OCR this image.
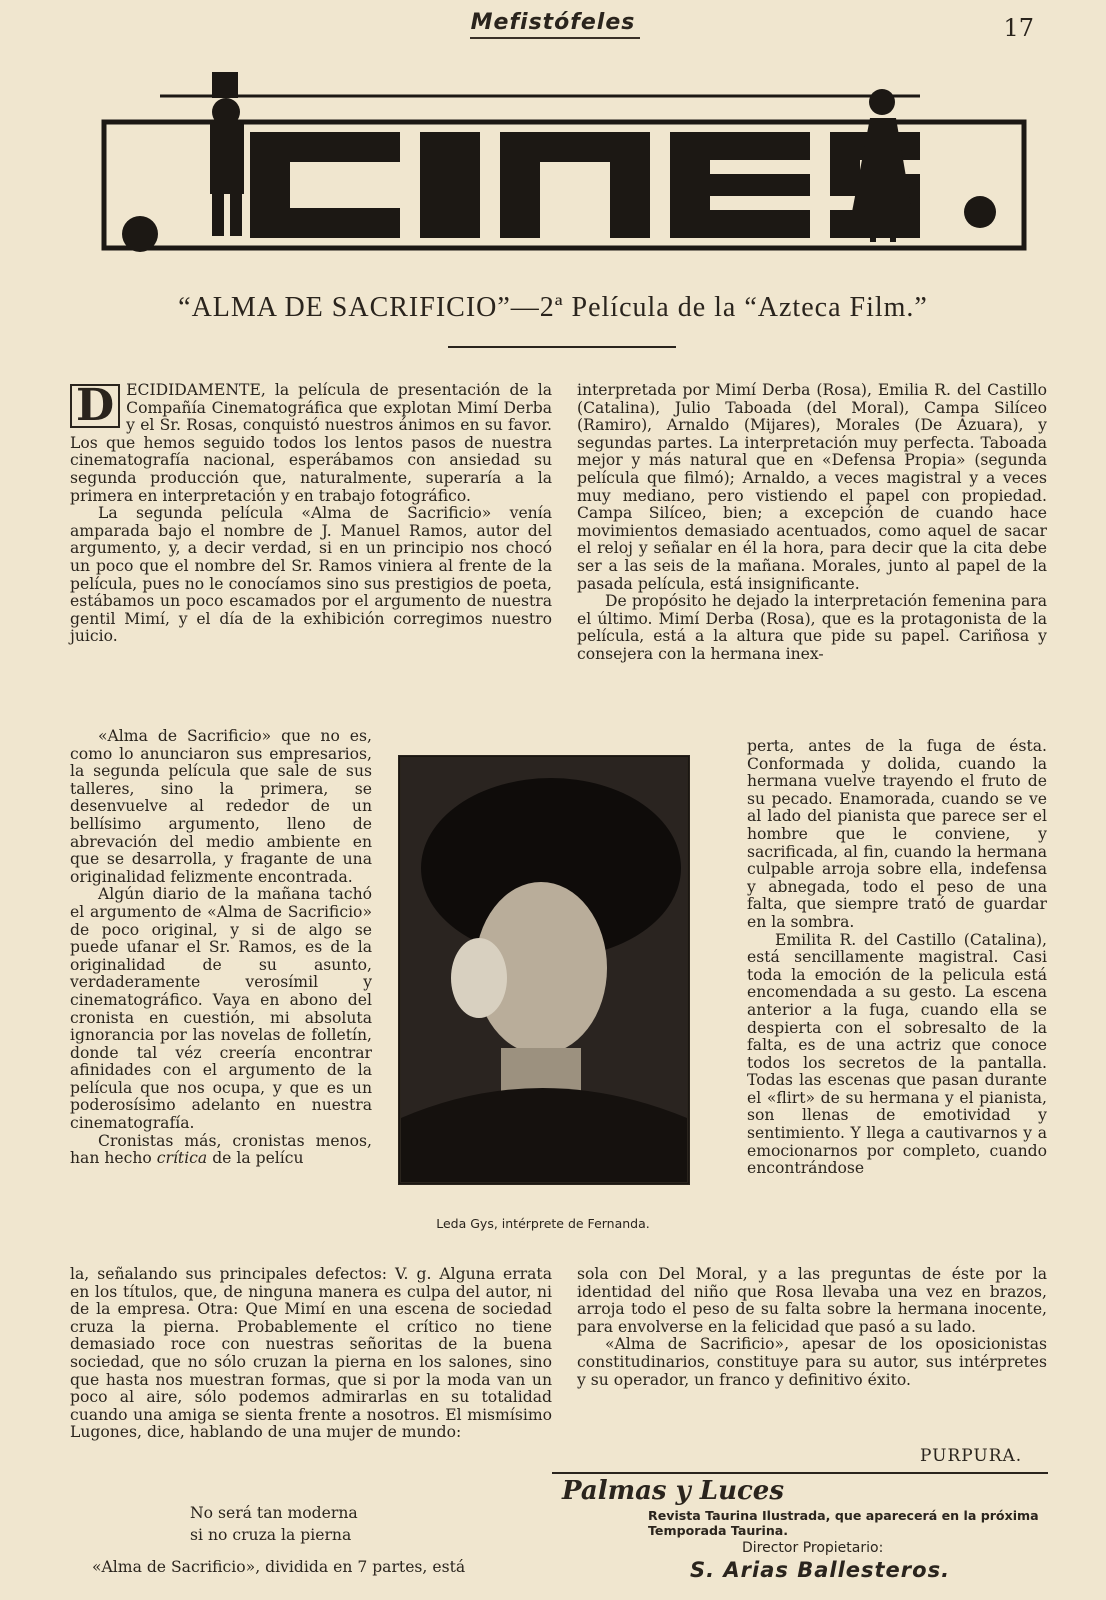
Mefistófeles	17
“ALMA DE SACRIFICIO”—2ª Película de la “Azteca Film.”

D ECIDIDAMENTE, la película de presentación de la Compañía Cinematográfica que explotan Mimí Derba y el Sr. Rosas, conquistó nuestros ánimos en su favor. Los que hemos seguido todos los lentos pasos de nuestra cinematografía nacional, esperábamos con ansiedad su segunda producción que, naturalmente, superaría a la primera en interpretación y en trabajo fotográfico.

La segunda película «Alma de Sacrificio» venía amparada bajo el nombre de J. Manuel Ramos, autor del argumento, y, a decir verdad, si en un principio nos chocó un poco que el nombre del Sr. Ramos viniera al frente de la película, pues no le conocíamos sino sus prestigios de poeta, estábamos un poco escamados por el argumento de nuestra gentil Mimí, y el día de la exhibición corregimos nuestro juicio.

«Alma de Sacrificio» que no es, como lo anunciaron sus empresarios, la segunda película que sale de sus talleres, sino la primera, se desenvuelve al rededor de un bellísimo argumento, lleno de abrevación del medio ambiente en que se desarrolla, y fragante de una originalidad felizmente encontrada.

Algún diario de la mañana tachó el argumento de «Alma de Sacrificio» de poco original, y si de algo se puede ufanar el Sr. Ramos, es de la originalidad de su asunto, verdaderamente verosímil y cinematográfico. Vaya en abono del cronista en cuestión, mi absoluta ignorancia por las novelas de folletín, donde tal véz creería encontrar afinidades con el argumento de la película que nos ocupa, y que es un poderosísimo adelanto en nuestra cinematografía.

Cronistas más, cronistas menos, han hecho crítica de la pelícu

Leda Gys, intérprete de Fernanda.

interpretada por Mimí Derba (Rosa), Emilia R. del Castillo (Catalina), Julio Taboada (del Moral), Campa Silíceo (Ramiro), Arnaldo (Mijares), Morales (De Azuara), y segundas partes. La interpretación muy perfecta. Taboada mejor y más natural que en «Defensa Propia» (segunda película que filmó); Arnaldo, a veces magistral y a veces muy mediano, pero vistiendo el papel con propiedad. Campa Silíceo, bien; a excepción de cuando hace movimientos demasiado acentuados, como aquel de sacar el reloj y señalar en él la hora, para decir que la cita debe ser a las seis de la mañana. Morales, junto al papel de la pasada película, está insignificante.

De propósito he dejado la interpretación femenina para el último. Mimí Derba (Rosa), que es la protagonista de la película, está a la altura que pide su papel. Cariñosa y consejera con la hermana inex-

perta, antes de la fuga de ésta. Conformada y dolida, cuando la hermana vuelve trayendo el fruto de su pecado. Enamorada, cuando se ve al lado del pianista que parece ser el hombre que le conviene, y sacrificada, al fin, cuando la hermana culpable arroja sobre ella, indefensa y abnegada, todo el peso de una falta, que siempre trató de guardar en la sombra.

Emilita R. del Castillo (Catalina), está sencillamente magistral. Casi toda la emoción de la pelicula está encomendada a su gesto. La escena anterior a la fuga, cuando ella se despierta con el sobresalto de la falta, es de una actriz que conoce todos los secretos de la pantalla. Todas las escenas que pasan durante el «flirt» de su hermana y el pianista, son llenas de emotividad y sentimiento. Y llega a cautivarnos y a emocionarnos por completo, cuando encontrándose

la, señalando sus principales defectos: V. g. Alguna errata en los títulos, que, de ninguna manera es culpa del autor, ni de la empresa. Otra: Que Mimí en una escena de sociedad cruza la pierna. Probablemente el crítico no tiene demasiado roce con nuestras señoritas de la buena sociedad, que no sólo cruzan la pierna en los salones, sino que hasta nos muestran formas, que si por la moda van un poco al aire, sólo podemos admirarlas en su totalidad cuando una amiga se sienta frente a nosotros. El mismísimo Lugones, dice, hablando de una mujer de mundo:

No será tan moderna
si no cruza la pierna
«Alma de Sacrificio», dividida en 7 partes, está

sola con Del Moral, y a las preguntas de éste por la identidad del niño que Rosa llevaba una vez en brazos, arroja todo el peso de su falta sobre la hermana inocente, para envolverse en la felicidad que pasó a su lado.

«Alma de Sacrificio», apesar de los oposicionistas constitudinarios, constituye para su autor, sus intérpretes y su operador, un franco y definitivo éxito.

PURPURA.
Palmas y Luces
Revista Taurina Ilustrada, que aparecerá en la próxima Temporada Taurina.
Director Propietario:
S. Arias Ballesteros.
